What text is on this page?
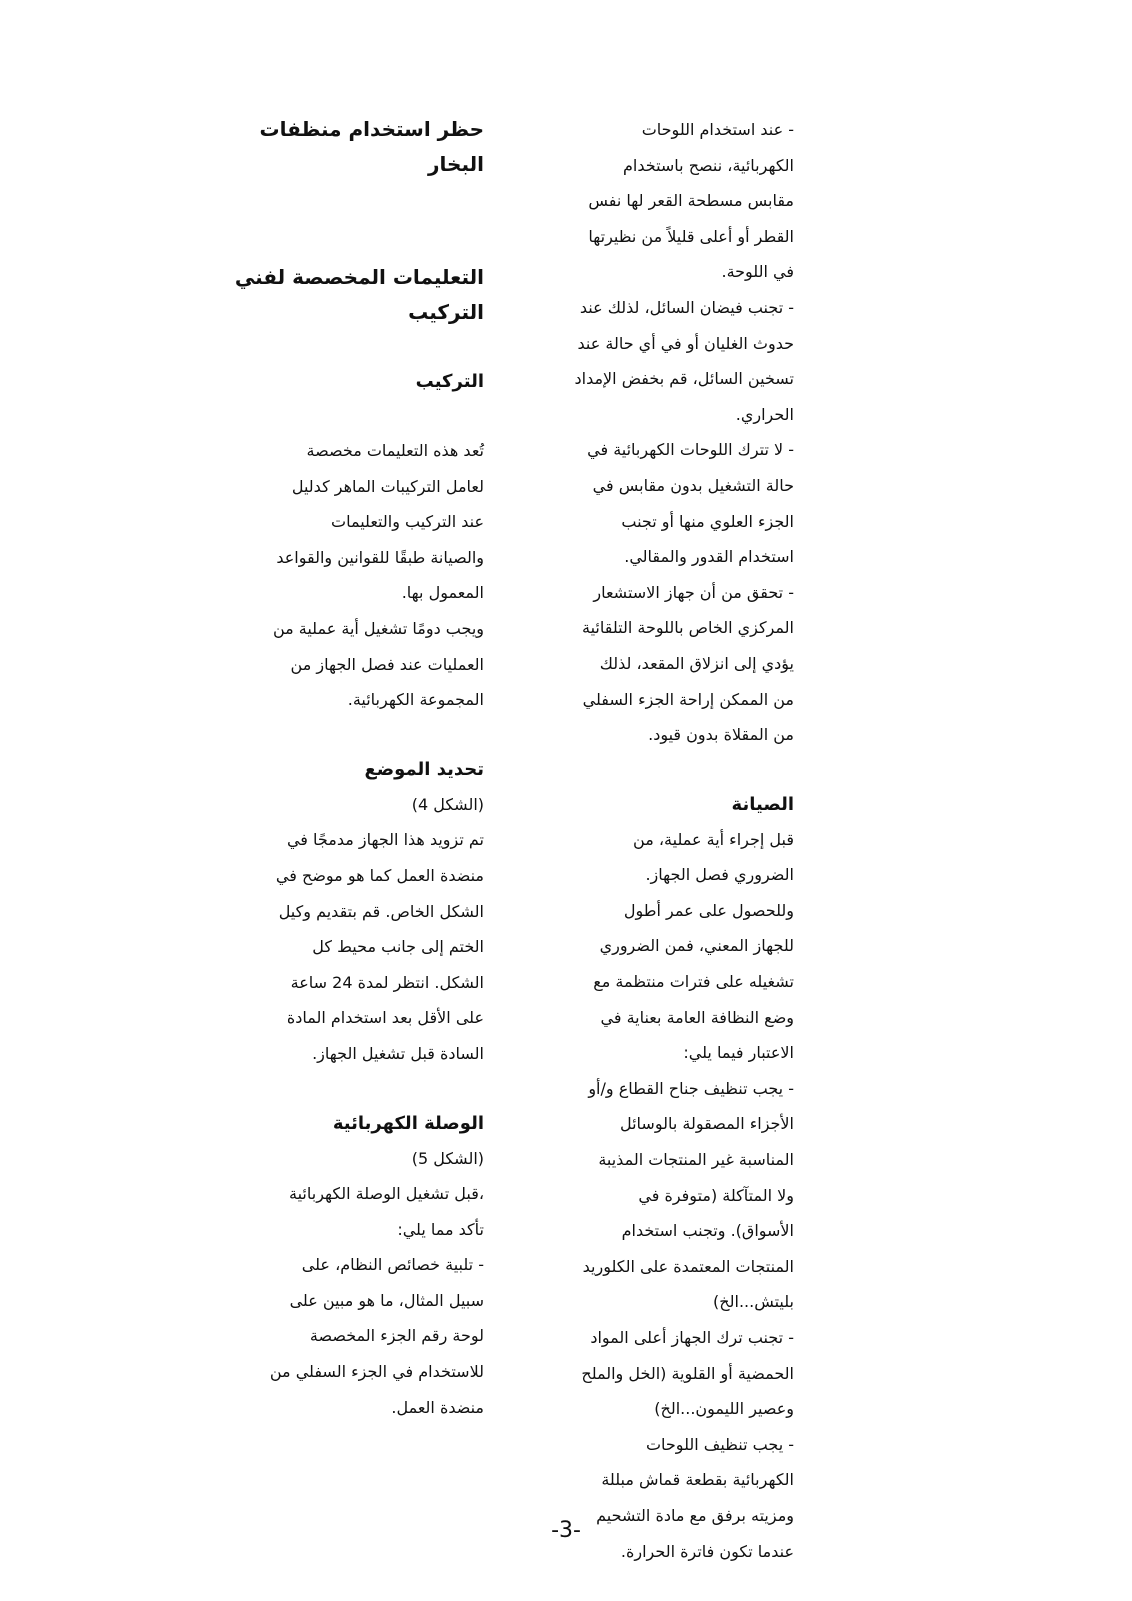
- عند استخدام اللوحات
الكهربائية، ننصح باستخدام
مقابس مسطحة القعر لها نفس
القطر أو أعلى قليلاً من نظيرتها
في اللوحة.
- تجنب فيضان السائل، لذلك عند
حدوث الغليان أو في أي حالة عند
تسخين السائل، قم بخفض الإمداد
الحراري.
- لا تترك اللوحات الكهربائية في
حالة التشغيل بدون مقابس في
الجزء العلوي منها أو تجنب
استخدام القدور والمقالي.
- تحقق من أن جهاز الاستشعار
المركزي الخاص باللوحة التلقائية
يؤدي إلى انزلاق المقعد، لذلك
من الممكن إراحة الجزء السفلي
من المقلاة بدون قيود.
الصيانة
قبل إجراء أية عملية، من
الضروري فصل الجهاز.
وللحصول على عمر أطول
للجهاز المعني، فمن الضروري
تشغيله على فترات منتظمة مع
وضع النظافة العامة بعناية في
الاعتبار فيما يلي:
- يجب تنظيف جناح القطاع و/أو
الأجزاء المصقولة بالوسائل
المناسبة غير المنتجات المذيبة
ولا المتآكلة (متوفرة في
الأسواق). وتجنب استخدام
المنتجات المعتمدة على الكلوريد
بليتش...الخ)
- تجنب ترك الجهاز أعلى المواد
الحمضية أو القلوية (الخل والملح
وعصير الليمون...الخ)
- يجب تنظيف اللوحات
الكهربائية بقطعة قماش مبللة
ومزيته برفق مع مادة التشحيم
عندما تكون فاترة الحرارة.
حظر استخدام منظفات
البخار
التعليمات المخصصة لفني
التركيب
التركيب
تُعد هذه التعليمات مخصصة
لعامل التركيبات الماهر كدليل
عند التركيب والتعليمات
والصيانة طبقًا للقوانين والقواعد
المعمول بها.
ويجب دومًا تشغيل أية عملية من
العمليات عند فصل الجهاز من
المجموعة الكهربائية.
تحديد الموضع
(الشكل 4)
تم تزويد هذا الجهاز مدمجًا في
منضدة العمل كما هو موضح في
الشكل الخاص. قم بتقديم وكيل
الختم إلى جانب محيط كل
الشكل. انتظر لمدة 24 ساعة
على الأقل بعد استخدام المادة
السادة قبل تشغيل الجهاز.
الوصلة الكهربائية
(الشكل 5)
،قبل تشغيل الوصلة الكهربائية
تأكد مما يلي:
- تلبية خصائص النظام، على
سبيل المثال، ما هو مبين على
لوحة رقم الجزء المخصصة
للاستخدام في الجزء السفلي من
منضدة العمل.
-3-
